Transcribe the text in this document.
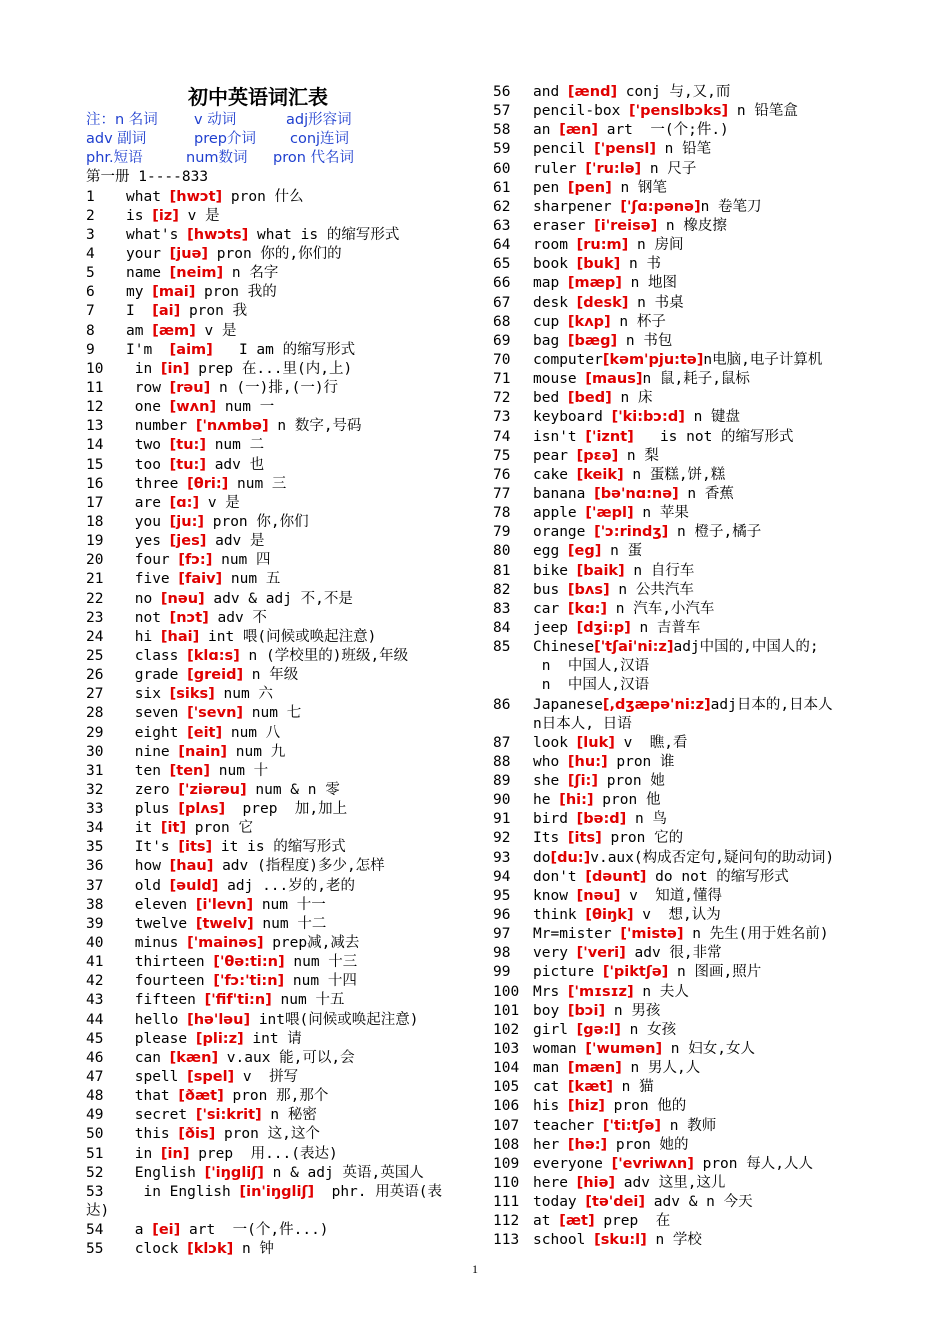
初中英语词汇表
注：n 名词 v 动词	adj形容词
adv 副词	prep介词 conj连词
phr.短语	num数词 pron 代名词
第一册 1----833
1 what [hwɔt] pron 什么
2 is [iz] v 是
3 what's [hwɔts] what is 的缩写形式
4 your [juə] pron 你的,你们的
5 name [neim] n 名字
6 my [mai] pron 我的
7 I  [ai] pron 我
8 am [æm] v 是
9 I'm  [aim]   I am 的缩写形式
10 in [in] prep 在...里(内,上)
11 row [rəu] n (一)排,(一)行
12 one [wʌn] num 一
13 number ['nʌmbə] n 数字,号码
14 two [tu:] num 二
15 too [tu:] adv 也
16 three [θri:] num 三
17 are [ɑ:] v 是
18 you [ju:] pron 你,你们
19 yes [jes] adv 是
20 four [fɔ:] num 四
21 five [faiv] num 五
22 no [nəu] adv & adj 不,不是
23 not [nɔt] adv 不
24 hi [hai] int 喂(问候或唤起注意)
25 class [klɑ:s] n (学校里的)班级,年级
26 grade [greid] n 年级
27 six [siks] num 六
28 seven ['sevn] num 七
29 eight [eit] num 八
30 nine [nain] num 九
31 ten [ten] num 十
32 zero ['ziərəu] num & n 零
33 plus [plʌs]  prep  加,加上
34 it [it] pron 它
35 It's [its] it is 的缩写形式
36 how [hau] adv (指程度)多少,怎样
37 old [əuld] adj ...岁的,老的
38 eleven [i'levn] num 十一
39 twelve [twelv] num 十二
40 minus ['mainəs] prep减,减去
41 thirteen ['θə:ti:n] num 十三
42 fourteen ['fɔ:'ti:n] num 十四
43 fifteen ['fif'ti:n] num 十五
44 hello [hə'ləu] int喂(问候或唤起注意)
45 please [pli:z] int 请
46 can [kæn] v.aux 能,可以,会
47 spell [spel] v  拼写
48 that [ðæt] pron 那,那个
49 secret ['si:krit] n 秘密
50 this [ðis] pron 这,这个
51 in [in] prep  用...(表达)
52 English ['iŋgliʃ] n & adj 英语,英国人
53  in English [in'iŋgliʃ]  phr. 用英语(表
达)
54 a [ei] art  一(个,件...)
55 clock [klɔk] n 钟
56 and [ænd] conj 与,又,而
57 pencil-box ['penslbɔks] n 铅笔盒
58 an [æn] art  一(个;件.)
59 pencil ['pensl] n 铅笔
60 ruler ['ru:lə] n 尺子
61 pen [pen] n 钢笔
62 sharpener ['ʃɑ:pənə]n 卷笔刀
63 eraser [i'reisə] n 橡皮擦
64 room [ru:m] n 房间
65 book [buk] n 书
66 map [mæp] n 地图
67 desk [desk] n 书桌
68 cup [kʌp] n 杯子
69 bag [bæg] n 书包
70 computer[kəm'pju:tə]n电脑,电子计算机
71 mouse [maus]n 鼠,耗子,鼠标
72 bed [bed] n 床
73 keyboard ['ki:bɔ:d] n 键盘
74 isn't ['iznt]   is not 的缩写形式
75 pear [pεə] n 梨
76 cake [keik] n 蛋糕,饼,糕
77 banana [bə'nɑ:nə] n 香蕉
78 apple ['æpl] n 苹果
79 orange ['ɔ:rindʒ] n 橙子,橘子
80 egg [eg] n 蛋
81 bike [baik] n 自行车
82 bus [bʌs] n 公共汽车
83 car [kɑ:] n 汽车,小汽车
84 jeep [dʒi:p] n 吉普车
85 Chinese['tʃai'ni:z]adj中国的,中国人的;
n  中国人,汉语
n  中国人,汉语
86 Japanese[,dʒæpə'ni:z]adj日本的,日本人
n日本人, 日语
87 look [luk] v  瞧,看
88 who [hu:] pron 谁
89 she [ʃi:] pron 她
90 he [hi:] pron 他
91 bird [bə:d] n 鸟
92 Its [its] pron 它的
93 do[du:]v.aux(构成否定句,疑问句的助动词)
94 don't [dəunt] do not 的缩写形式
95 know [nəu] v  知道,懂得
96 think [θiŋk] v  想,认为
97 Mr=mister ['mistə] n 先生(用于姓名前)
98 very ['veri] adv 很,非常
99 picture ['piktʃə] n 图画,照片
100 Mrs ['mɪsɪz] n 夫人
101 boy [bɔi] n 男孩
102 girl [gə:l] n 女孩
103 woman ['wumən] n 妇女,女人
104 man [mæn] n 男人,人
105 cat [kæt] n 猫
106 his [hiz] pron 他的
107 teacher ['ti:tʃə] n 教师
108 her [hə:] pron 她的
109 everyone ['evriwʌn] pron 每人,人人
110 here [hiə] adv 这里,这儿
111 today [tə'dei] adv & n 今天
112 at [æt] prep  在
113 school [sku:l] n 学校
1
